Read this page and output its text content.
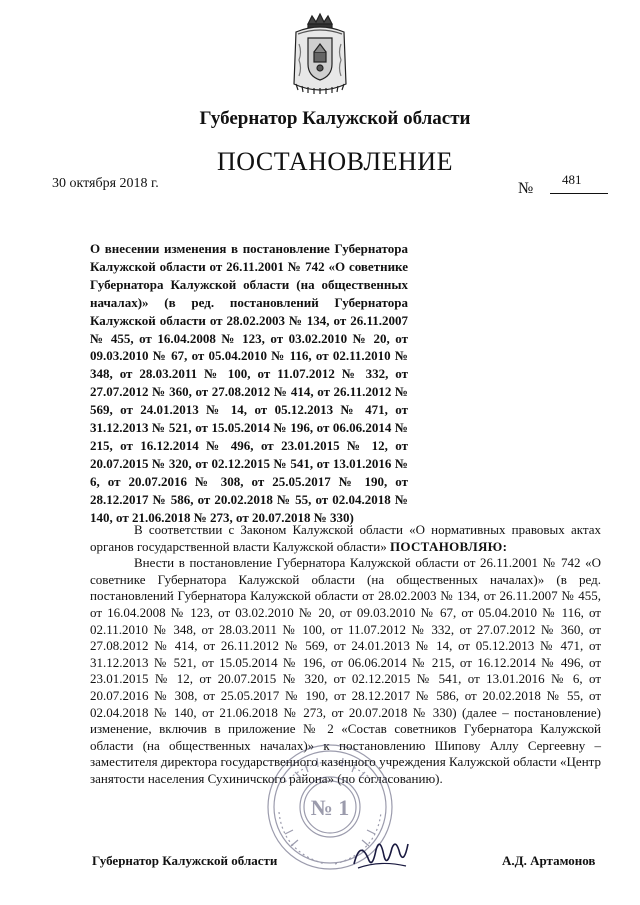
Губернатор Калужской области
ПОСТАНОВЛЕНИЕ
30 октября 2018 г.	№
481
О внесении изменения в постановление Губернатора Калужской области от 26.11.2001 № 742 «О советнике Губернатора Калужской области (на общественных началах)» (в ред. постановлений Губернатора Калужской области от 28.02.2003 № 134, от 26.11.2007 № 455, от 16.04.2008 № 123, от 03.02.2010 № 20, от 09.03.2010 № 67, от 05.04.2010 № 116, от 02.11.2010 № 348, от 28.03.2011 № 100, от 11.07.2012 № 332, от 27.07.2012 № 360, от 27.08.2012 № 414, от 26.11.2012 № 569, от 24.01.2013 № 14, от 05.12.2013 № 471, от 31.12.2013 № 521, от 15.05.2014 № 196, от 06.06.2014 № 215, от 16.12.2014 № 496, от 23.01.2015 № 12, от 20.07.2015 № 320, от 02.12.2015 № 541, от 13.01.2016 № 6, от 20.07.2016 № 308, от 25.05.2017 № 190, от 28.12.2017 № 586, от 20.02.2018 № 55, от 02.04.2018 № 140, от 21.06.2018 № 273, от 20.07.2018 № 330)

В соответствии с Законом Калужской области «О нормативных правовых актах органов государственной власти Калужской области» ПОСТАНОВЛЯЮ:

Внести в постановление Губернатора Калужской области от 26.11.2001 № 742 «О советнике Губернатора Калужской области (на общественных началах)» (в ред. постановлений Губернатора Калужской области от 28.02.2003 № 134, от 26.11.2007 № 455, от 16.04.2008 № 123, от 03.02.2010 № 20, от 09.03.2010 № 67, от 05.04.2010 № 116, от 02.11.2010 № 348, от 28.03.2011 № 100, от 11.07.2012 № 332, от 27.07.2012 № 360, от 27.08.2012 № 414, от 26.11.2012 № 569, от 24.01.2013 № 14, от 05.12.2013 № 471, от 31.12.2013 № 521, от 15.05.2014 № 196, от 06.06.2014 № 215, от 16.12.2014 № 496, от 23.01.2015 № 12, от 20.07.2015 № 320, от 02.12.2015 № 541, от 13.01.2016 № 6, от 20.07.2016 № 308, от 25.05.2017 № 190, от 28.12.2017 № 586, от 20.02.2018 № 55, от 02.04.2018 № 140, от 21.06.2018 № 273, от 20.07.2018 № 330) (далее – постановление) изменение, включив в приложение № 2 «Состав советников Губернатора Калужской области (на общественных началах)» к постановлению Шипову Аллу Сергеевну – заместителя директора государственного казенного учреждения Калужской области «Центр занятости населения Сухиничского района» (по согласованию).

№ 1
Губернатор Калужской области	А.Д. Артамонов
